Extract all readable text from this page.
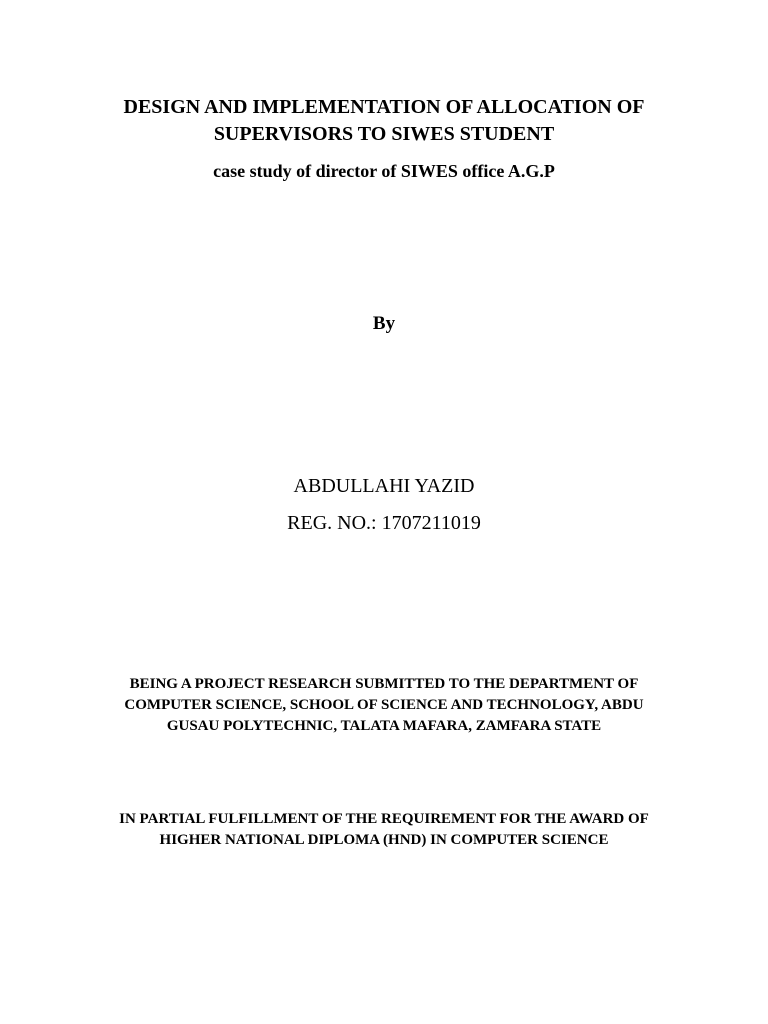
DESIGN AND IMPLEMENTATION OF ALLOCATION OF
SUPERVISORS TO SIWES STUDENT
case study of director of SIWES office A.G.P
By
ABDULLAHI YAZID
REG. NO.: 1707211019
BEING A PROJECT RESEARCH SUBMITTED TO THE DEPARTMENT OF
COMPUTER SCIENCE, SCHOOL OF SCIENCE AND TECHNOLOGY, ABDU
GUSAU POLYTECHNIC, TALATA MAFARA, ZAMFARA STATE
IN PARTIAL FULFILLMENT OF THE REQUIREMENT FOR THE AWARD OF
HIGHER NATIONAL DIPLOMA (HND) IN COMPUTER SCIENCE
